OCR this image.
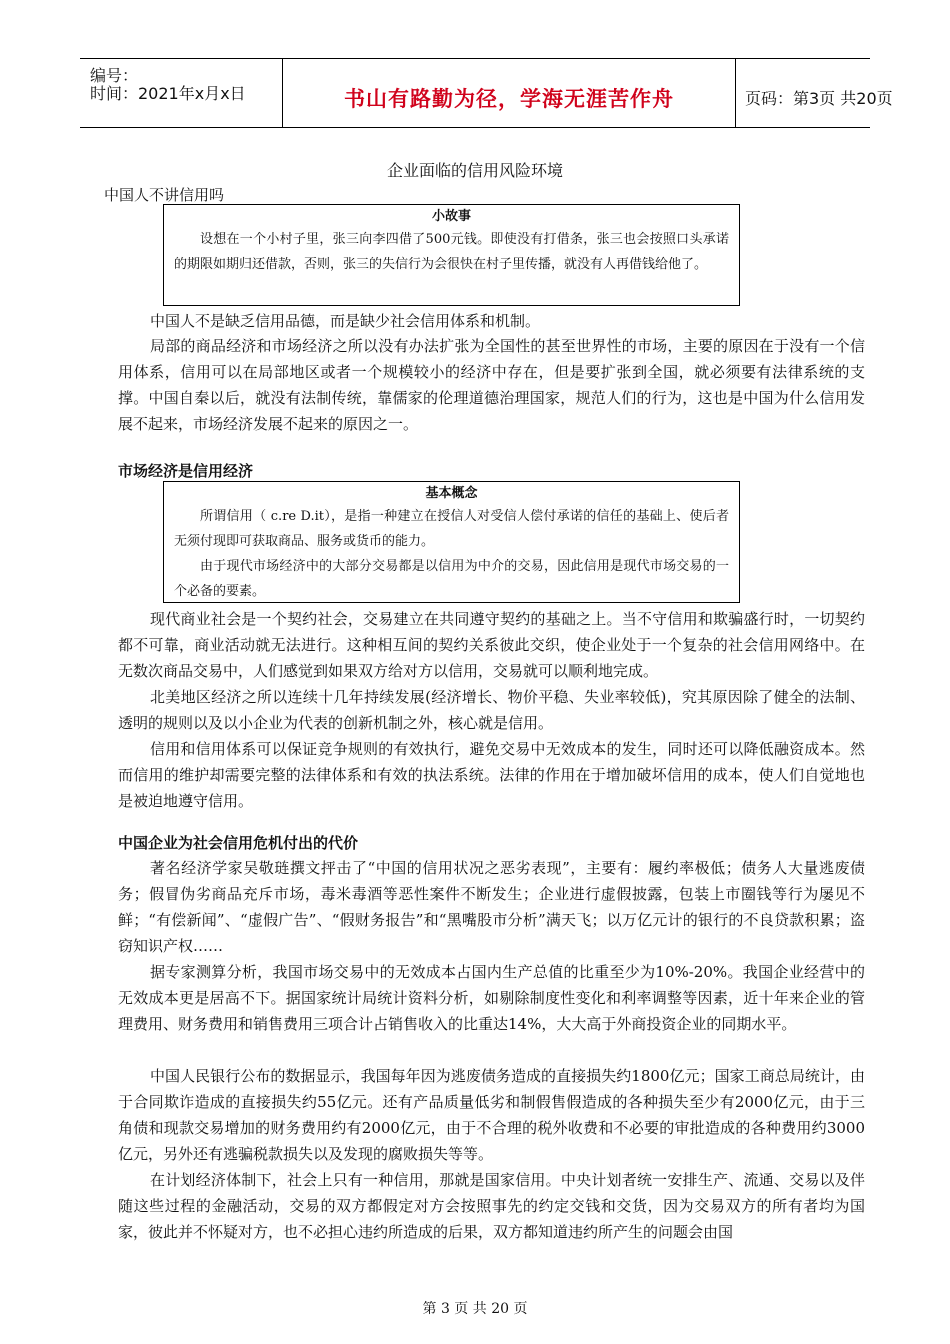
编号：
时间：2021年x月x日	书山有路勤为径，学海无涯苦作舟	页码：第3页 共20页
企业面临的信用风险环境
中国人不讲信用吗
小故事
设想在一个小村子里，张三向李四借了500元钱。即使没有打借条，张三也会按照口头承诺的期限如期归还借款，否则，张三的失信行为会很快在村子里传播，就没有人再借钱给他了。
中国人不是缺乏信用品德，而是缺少社会信用体系和机制。
局部的商品经济和市场经济之所以没有办法扩张为全国性的甚至世界性的市场，主要的原因在于没有一个信用体系，信用可以在局部地区或者一个规模较小的经济中存在，但是要扩张到全国，就必须要有法律系统的支撑。中国自秦以后，就没有法制传统，靠儒家的伦理道德治理国家，规范人们的行为，这也是中国为什么信用发展不起来，市场经济发展不起来的原因之一。
市场经济是信用经济
基本概念
所谓信用（ c.re D.it），是指一种建立在授信人对受信人偿付承诺的信任的基础上、使后者无须付现即可获取商品、服务或货币的能力。
由于现代市场经济中的大部分交易都是以信用为中介的交易，因此信用是现代市场交易的一个必备的要素。
现代商业社会是一个契约社会，交易建立在共同遵守契约的基础之上。当不守信用和欺骗盛行时，一切契约都不可靠，商业活动就无法进行。这种相互间的契约关系彼此交织，使企业处于一个复杂的社会信用网络中。在无数次商品交易中，人们感觉到如果双方给对方以信用，交易就可以顺利地完成。
北美地区经济之所以连续十几年持续发展(经济增长、物价平稳、失业率较低)，究其原因除了健全的法制、透明的规则以及以小企业为代表的创新机制之外，核心就是信用。
信用和信用体系可以保证竞争规则的有效执行，避免交易中无效成本的发生，同时还可以降低融资成本。然而信用的维护却需要完整的法律体系和有效的执法系统。法律的作用在于增加破坏信用的成本，使人们自觉地也是被迫地遵守信用。
中国企业为社会信用危机付出的代价
著名经济学家吴敬琏撰文抨击了“中国的信用状况之恶劣表现”，主要有：履约率极低；债务人大量逃废债务；假冒伪劣商品充斥市场，毒米毒酒等恶性案件不断发生；企业进行虚假披露，包装上市圈钱等行为屡见不鲜；“有偿新闻”、“虚假广告”、“假财务报告”和“黑嘴股市分析”满天飞；以万亿元计的银行的不良贷款积累；盗窃知识产权……
据专家测算分析，我国市场交易中的无效成本占国内生产总值的比重至少为10%-20%。我国企业经营中的无效成本更是居高不下。据国家统计局统计资料分析，如剔除制度性变化和利率调整等因素，近十年来企业的管理费用、财务费用和销售费用三项合计占销售收入的比重达14%，大大高于外商投资企业的同期水平。
中国人民银行公布的数据显示，我国每年因为逃废债务造成的直接损失约1800亿元；国家工商总局统计，由于合同欺诈造成的直接损失约55亿元。还有产品质量低劣和制假售假造成的各种损失至少有2000亿元，由于三角债和现款交易增加的财务费用约有2000亿元，由于不合理的税外收费和不必要的审批造成的各种费用约3000亿元，另外还有逃骗税款损失以及发现的腐败损失等等。
在计划经济体制下，社会上只有一种信用，那就是国家信用。中央计划者统一安排生产、流通、交易以及伴随这些过程的金融活动，交易的双方都假定对方会按照事先的约定交钱和交货，因为交易双方的所有者均为国家，彼此并不怀疑对方，也不必担心违约所造成的后果，双方都知道违约所产生的问题会由国
第 3 页 共 20 页
